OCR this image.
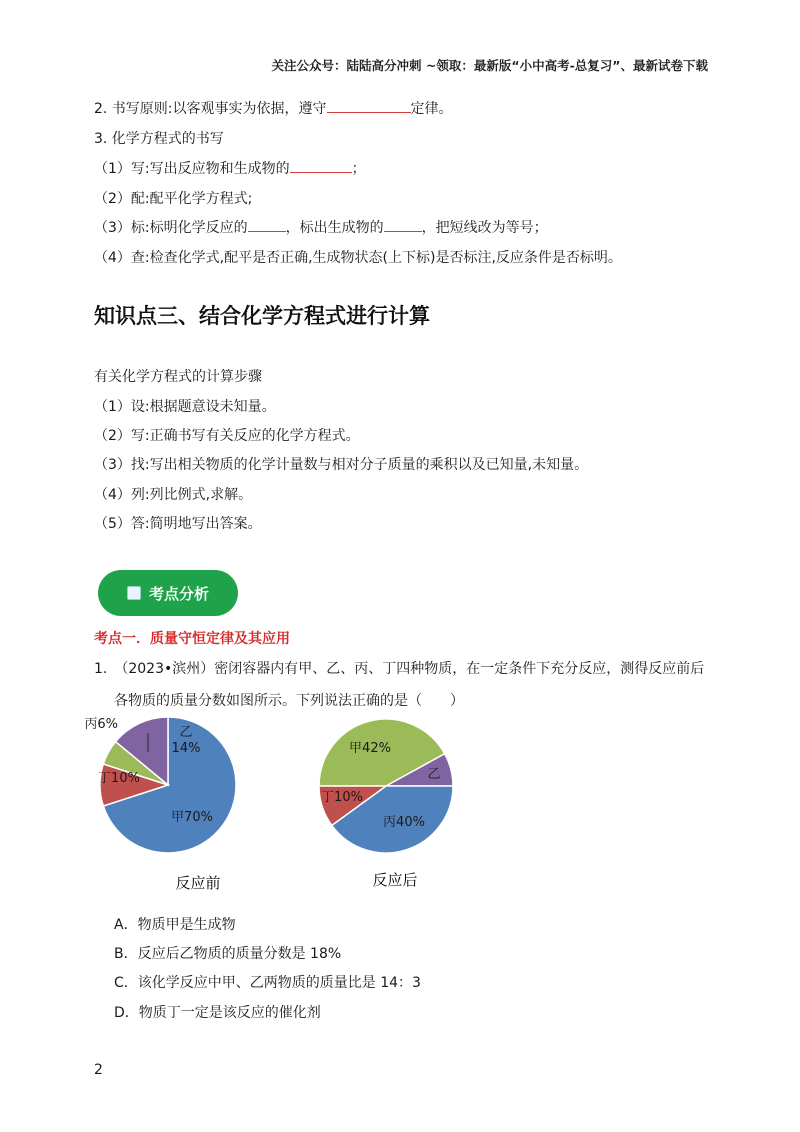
关注公众号：陆陆高分冲刺 ~领取：最新版“小中高考-总复习”、最新试卷下载
2. 书写原则:以客观事实为依据，遵守	定律。
3. 化学方程式的书写
（1）写:写出反应物和生成物的	；
（2）配:配平化学方程式;
（3）标:标明化学反应的	，标出生成物的	，把短线改为等号；
（4）查:检查化学式,配平是否正确,生成物状态(上下标)是否标注,反应条件是否标明。
知识点三、结合化学方程式进行计算
有关化学方程式的计算步骤
（1）设:根据题意设未知量。
（2）写:正确书写有关反应的化学方程式。
（3）找:写出相关物质的化学计量数与相对分子质量的乘积以及已知量,未知量。
（4）列:列比例式,求解。
（5）答:简明地写出答案。
考点分析
考点一．质量守恒定律及其应用
1.　（2023•滨州）密闭容器内有甲、乙、丙、丁四种物质，在一定条件下充分反应，测得反应前后
各物质的质量分数如图所示。下列说法正确的是（　　）
甲70%
丁10%
丙6%
14%
乙
甲42%
乙
丙40%
丁10%
反应前	反应后
A．物质甲是生成物
B．反应后乙物质的质量分数是 18%
C．该化学反应中甲、乙两物质的质量比是 14：3
D．物质丁一定是该反应的催化剂
2
